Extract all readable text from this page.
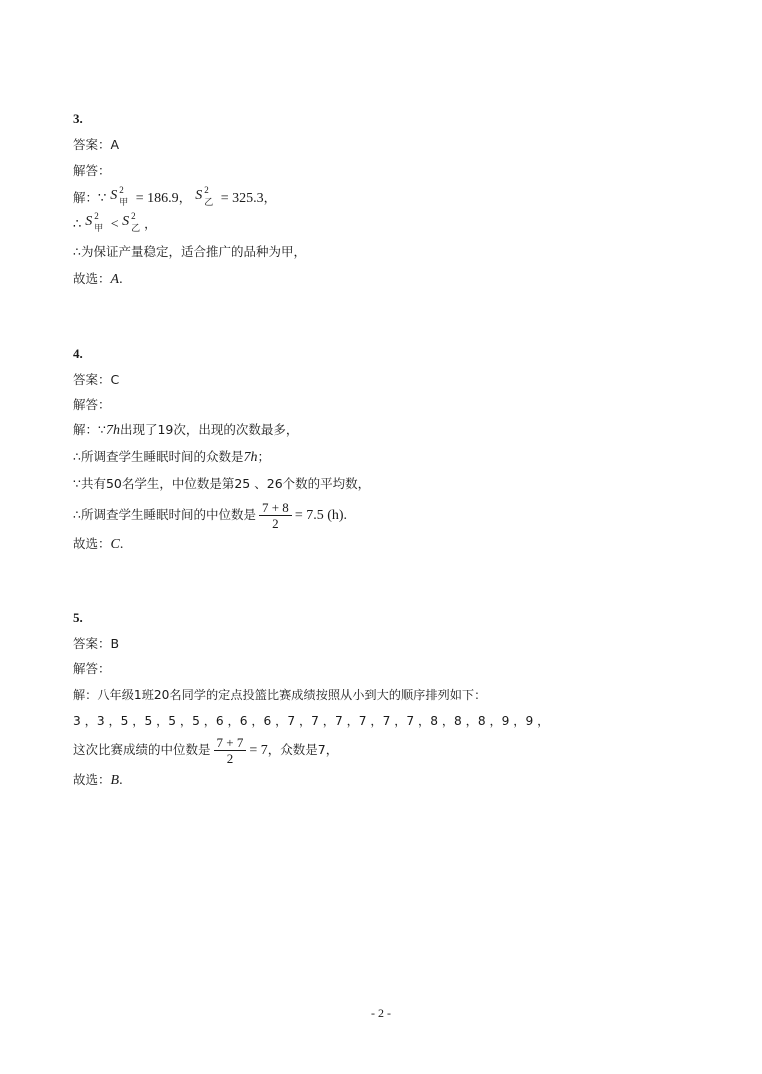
3.
答案：A
解答：
解：∵ S 2
甲 = 186.9， S 2
乙 = 325.3，
∴ S 2
甲 < S 2
乙 ，
∴为保证产量稳定，适合推广的品种为甲，
故选：A.
4.
答案：C
解答：
解：∵7h出现了19次，出现的次数最多，
∴所调查学生睡眠时间的众数是7h；
∵共有50名学生，中位数是第25 、26个数的平均数，
∴所调查学生睡眠时间的中位数是 $\frac{7 + 8}{2} = 7.5$ (h).
故选：C.
5.
答案：B
解答：
解：八年级1班20名同学的定点投篮比赛成绩按照从小到大的顺序排列如下：
3 ，3 ，5 ，5 ，5 ，5 ，6 ，6 ，6 ，7 ，7 ，7 ，7 ，7 ，7 ，8 ，8 ，8 ，9 ，9 ，
这次比赛成绩的中位数是 $\frac{7 + 7}{2} = 7$，众数是7，
故选：B.
- 2 -
